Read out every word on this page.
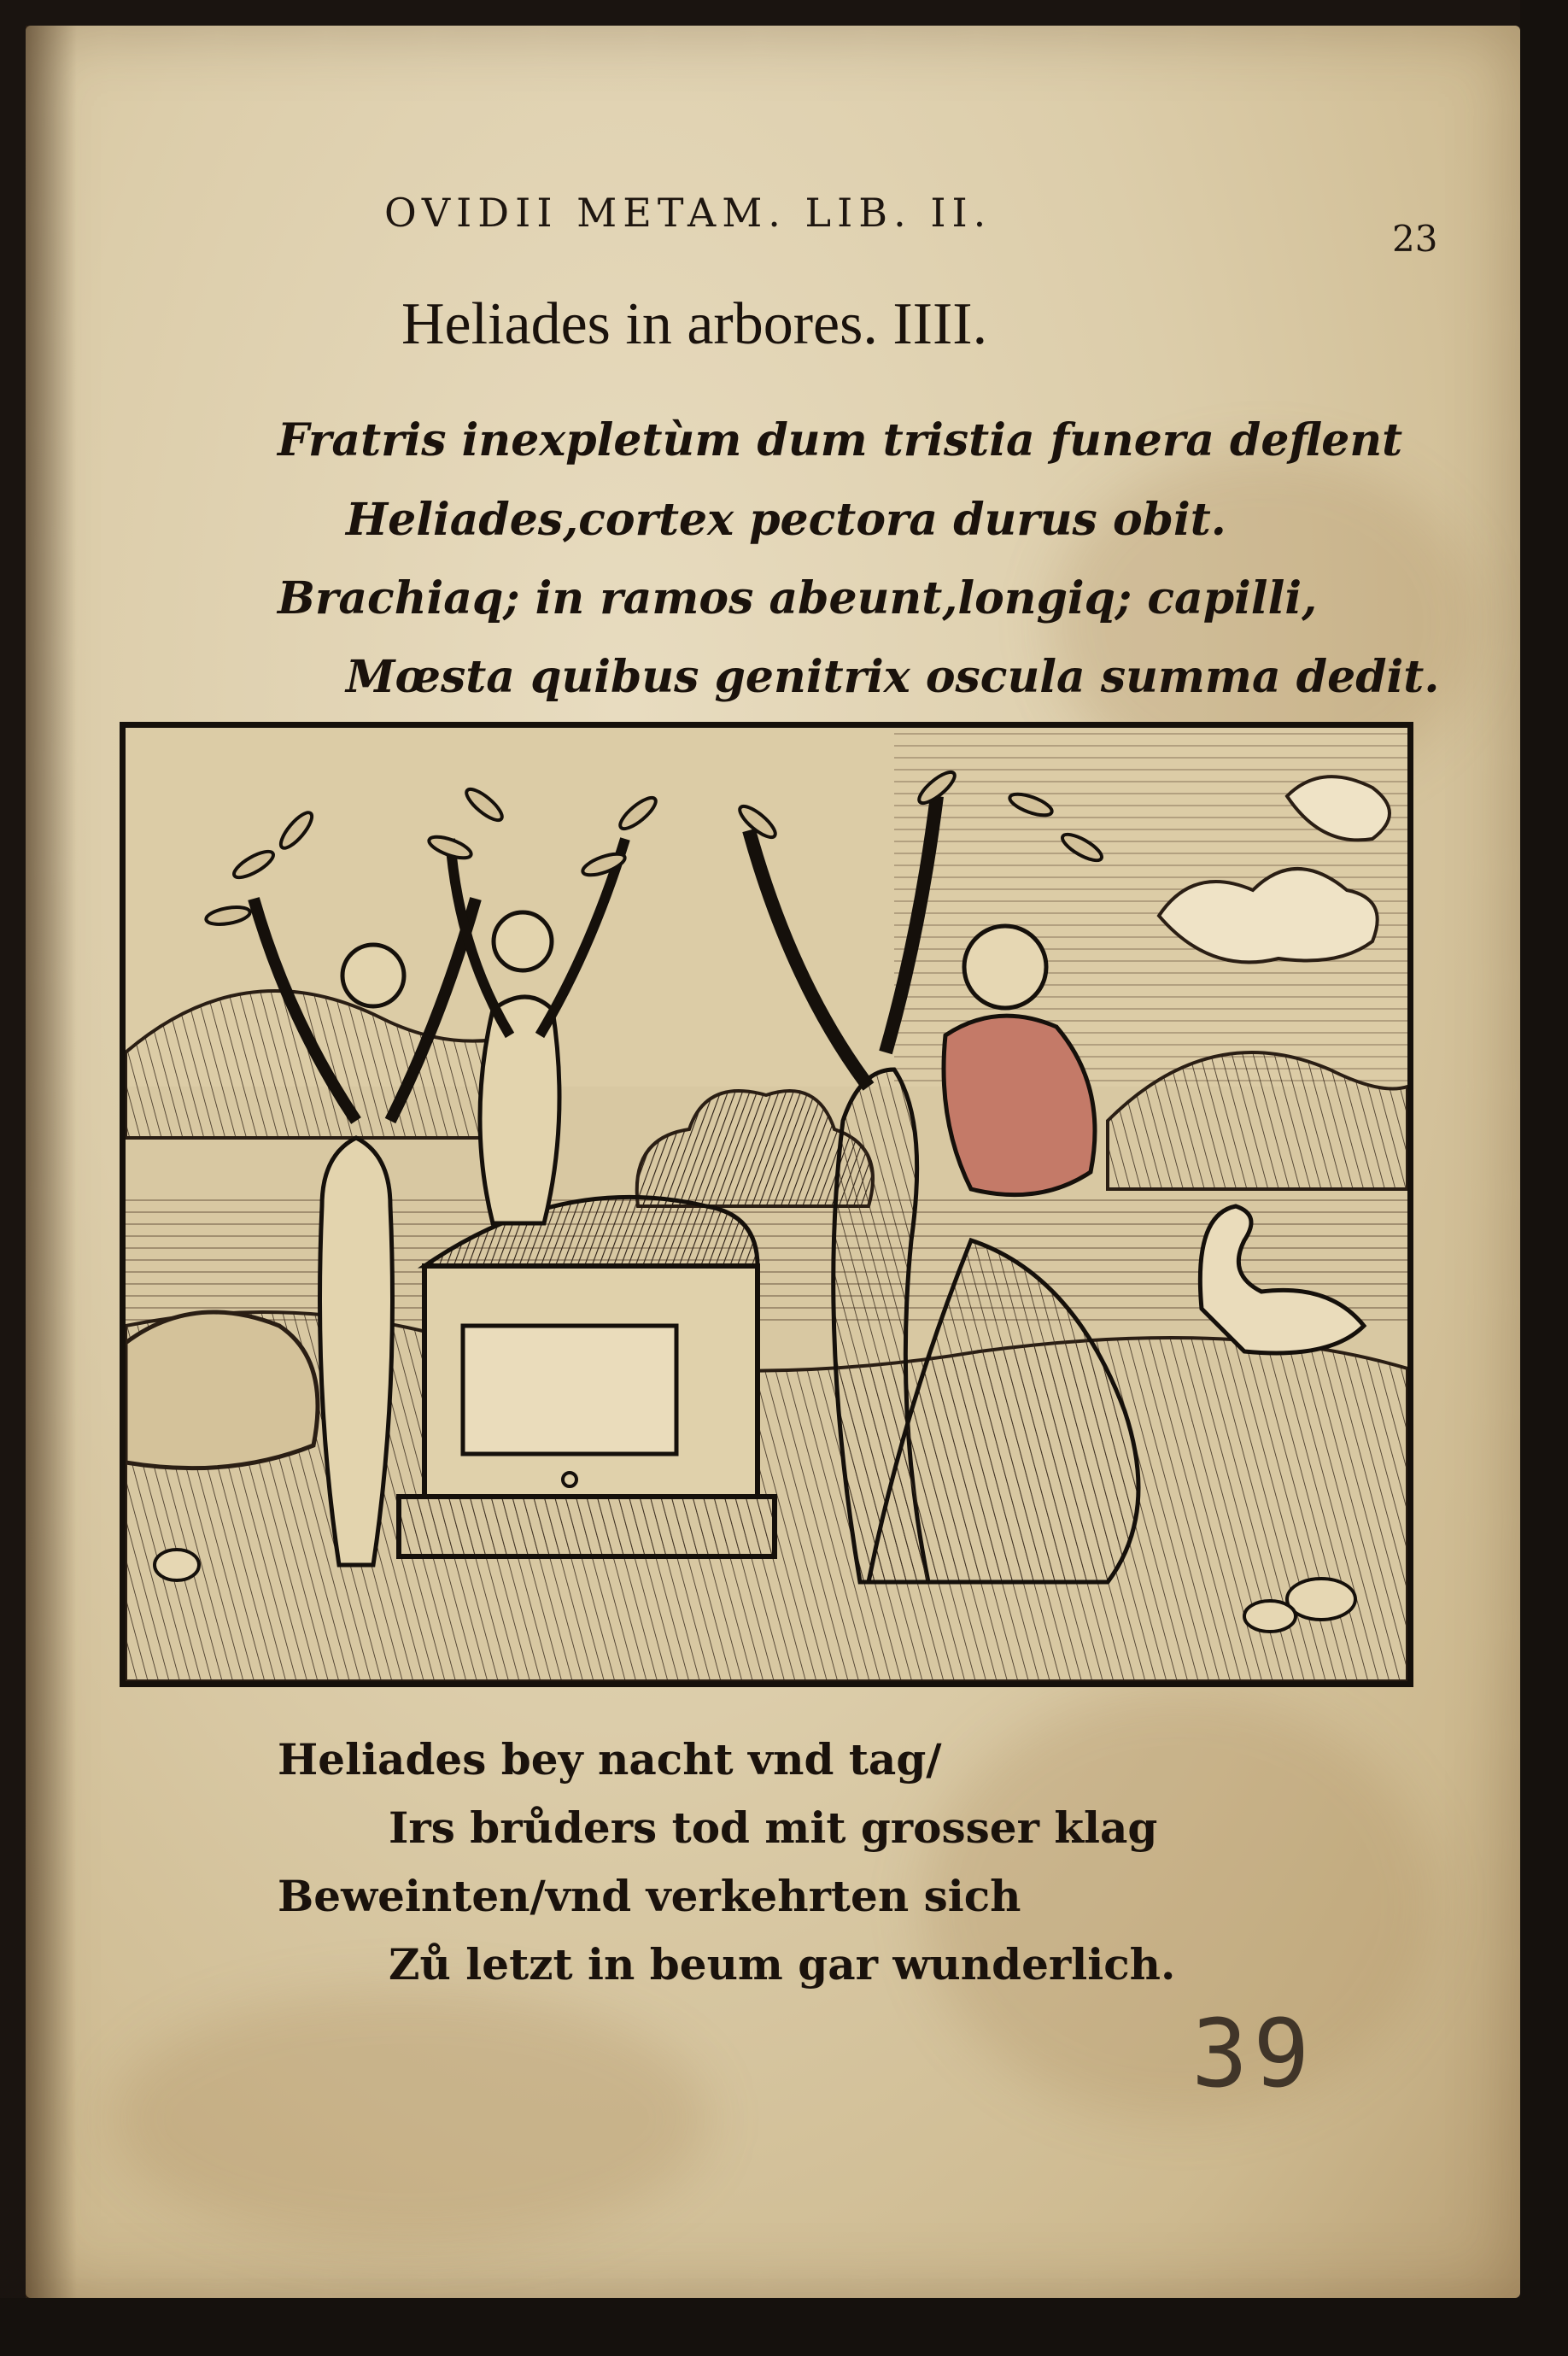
OVIDII METAM. LIB. II.
23
Heliades in arbores. IIII.
Fratris inexpletùm dum tristia funera deflent
Heliades,cortex pectora durus obit.
Brachiaq; in ramos abeunt,longiq; capilli,
Mœsta quibus genitrix oscula summa dedit.
Heliades bey nacht vnd tag/
Irs brůders tod mit grosser klag
Beweinten/vnd verkehrten sich
Zů letzt in beum gar wunderlich.
39
